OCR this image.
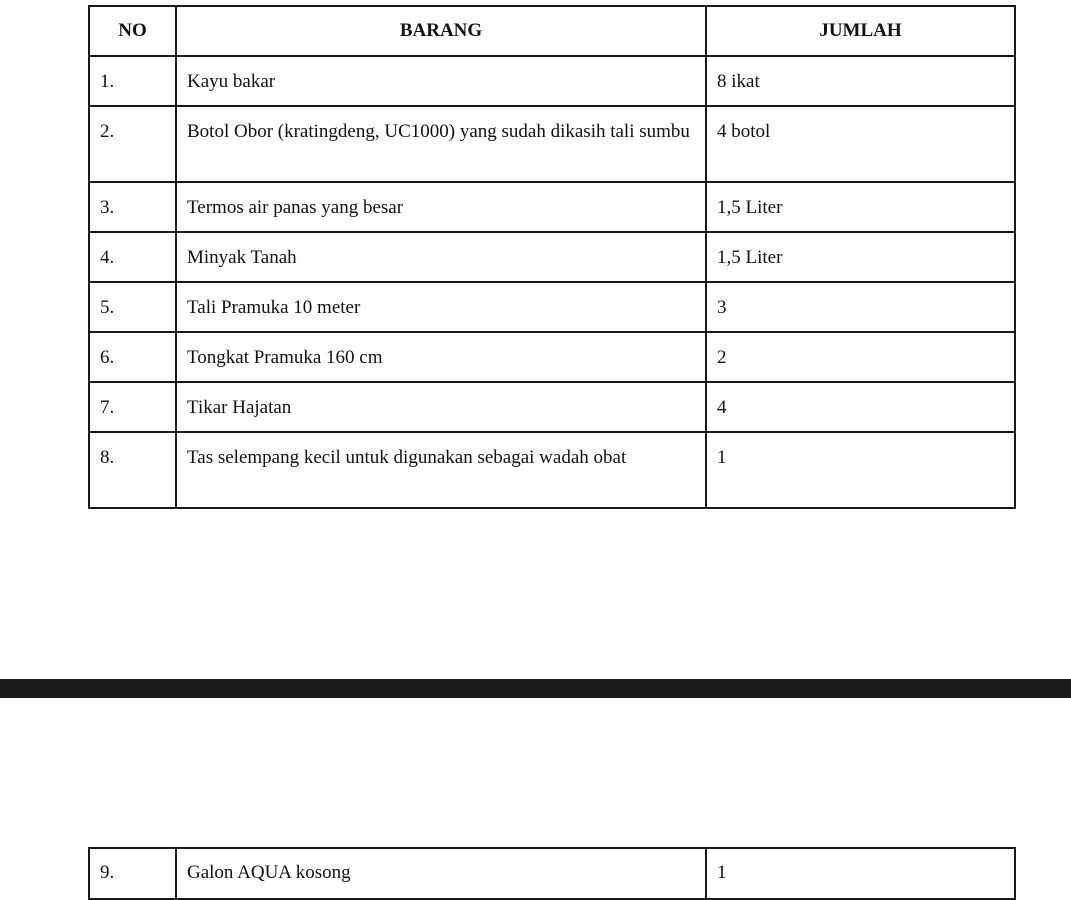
NO	BARANG	JUMLAH
1.	Kayu bakar	8 ikat
2.	Botol Obor (kratingdeng, UC1000) yang sudah dikasih tali sumbu	4 botol
3.	Termos air panas yang besar	1,5 Liter
4.	Minyak Tanah	1,5 Liter
5.	Tali Pramuka 10 meter	3
6.	Tongkat Pramuka 160 cm	2
7.	Tikar Hajatan	4
8.	Tas selempang kecil untuk digunakan sebagai wadah obat	1
9.	Galon AQUA kosong	1
